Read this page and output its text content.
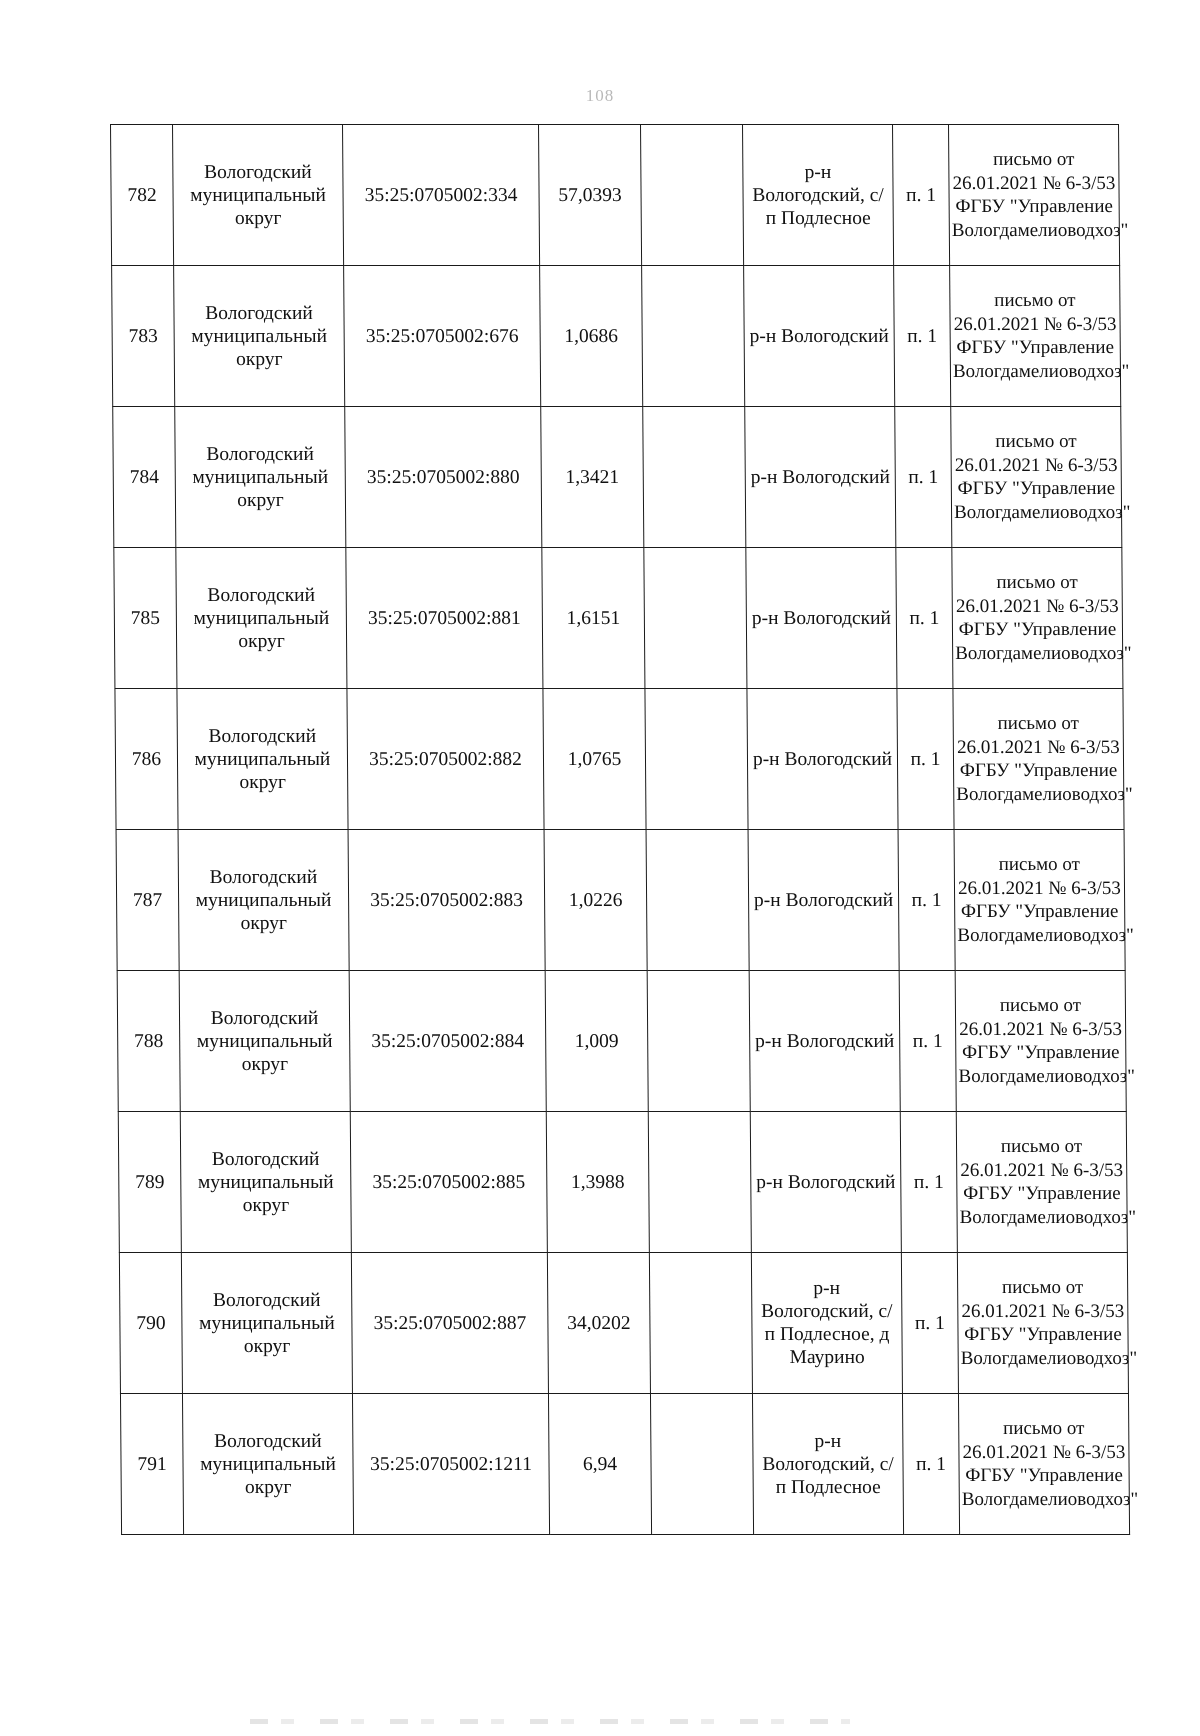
108
782	Вологодский муниципальный округ	35:25:0705002:334	57,0393		р-н Вологодский, с/п Подлесное	п. 1	письмо от 26.01.2021 № 6-3/53 ФГБУ "Управление Вологдамелиоводхоз"
783	Вологодский муниципальный округ	35:25:0705002:676	1,0686		р-н Вологодский	п. 1	письмо от 26.01.2021 № 6-3/53 ФГБУ "Управление Вологдамелиоводхоз"
784	Вологодский муниципальный округ	35:25:0705002:880	1,3421		р-н Вологодский	п. 1	письмо от 26.01.2021 № 6-3/53 ФГБУ "Управление Вологдамелиоводхоз"
785	Вологодский муниципальный округ	35:25:0705002:881	1,6151		р-н Вологодский	п. 1	письмо от 26.01.2021 № 6-3/53 ФГБУ "Управление Вологдамелиоводхоз"
786	Вологодский муниципальный округ	35:25:0705002:882	1,0765		р-н Вологодский	п. 1	письмо от 26.01.2021 № 6-3/53 ФГБУ "Управление Вологдамелиоводхоз"
787	Вологодский муниципальный округ	35:25:0705002:883	1,0226		р-н Вологодский	п. 1	письмо от 26.01.2021 № 6-3/53 ФГБУ "Управление Вологдамелиоводхоз"
788	Вологодский муниципальный округ	35:25:0705002:884	1,009		р-н Вологодский	п. 1	письмо от 26.01.2021 № 6-3/53 ФГБУ "Управление Вологдамелиоводхоз"
789	Вологодский муниципальный округ	35:25:0705002:885	1,3988		р-н Вологодский	п. 1	письмо от 26.01.2021 № 6-3/53 ФГБУ "Управление Вологдамелиоводхоз"
790	Вологодский муниципальный округ	35:25:0705002:887	34,0202		р-н Вологодский, с/п Подлесное, д Маурино	п. 1	письмо от 26.01.2021 № 6-3/53 ФГБУ "Управление Вологдамелиоводхоз"
791	Вологодский муниципальный округ	35:25:0705002:1211	6,94		р-н Вологодский, с/п Подлесное	п. 1	письмо от 26.01.2021 № 6-3/53 ФГБУ "Управление Вологдамелиоводхоз"
